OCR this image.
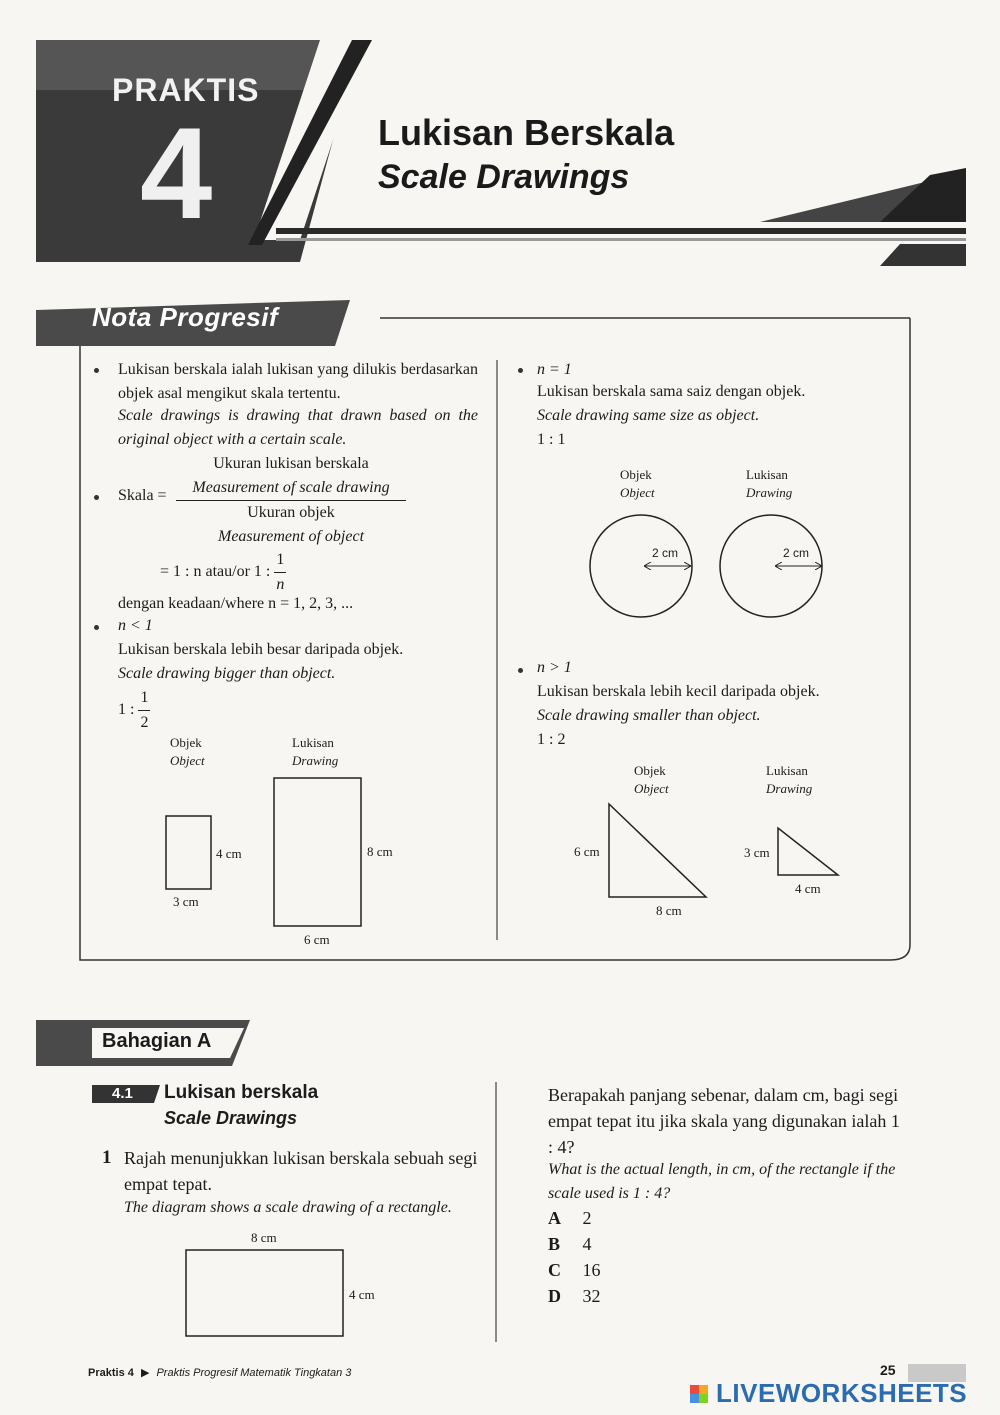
PRAKTIS
4	Lukisan Berskala
Scale Drawings
Nota Progresif
Lukisan berskala ialah lukisan yang dilukis berdasarkan objek asal mengikut skala tertentu.
Scale drawings is drawing that drawn based on the original object with a certain scale.
Skala =
Ukuran lukisan berskala
Measurement of scale drawing
Ukuran objek
Measurement of object
= 1 : n atau/or 1 : $\frac{1}{n}$
dengan keadaan/where n = 1, 2, 3, ...
n < 1
Lukisan berskala lebih besar daripada objek.
Scale drawing bigger than object.
1 : $\frac{1}{2}$
Objek
Object
Lukisan
Drawing
4 cm
3 cm
8 cm
6 cm
n = 1
Lukisan berskala sama saiz dengan objek.
Scale drawing same size as object.
1 : 1
Objek
Object
Lukisan
Drawing
2 cm	2 cm
n > 1
Lukisan berskala lebih kecil daripada objek.
Scale drawing smaller than object.
1 : 2
Objek
Object
Lukisan
Drawing
6 cm
8 cm
3 cm
4 cm
Bahagian A
4.1 Lukisan berskala
Scale Drawings
1 Rajah menunjukkan lukisan berskala sebuah segi empat tepat.
The diagram shows a scale drawing of a rectangle.
8 cm
4 cm
Berapakah panjang sebenar, dalam cm, bagi segi empat tepat itu jika skala yang digunakan ialah 1 : 4?
What is the actual length, in cm, of the rectangle if the scale used is 1 : 4?
A 2
B 4
C 16
D 32
Praktis 4 ▶ Praktis Progresif Matematik Tingkatan 3	25
LIVEWORKSHEETS
